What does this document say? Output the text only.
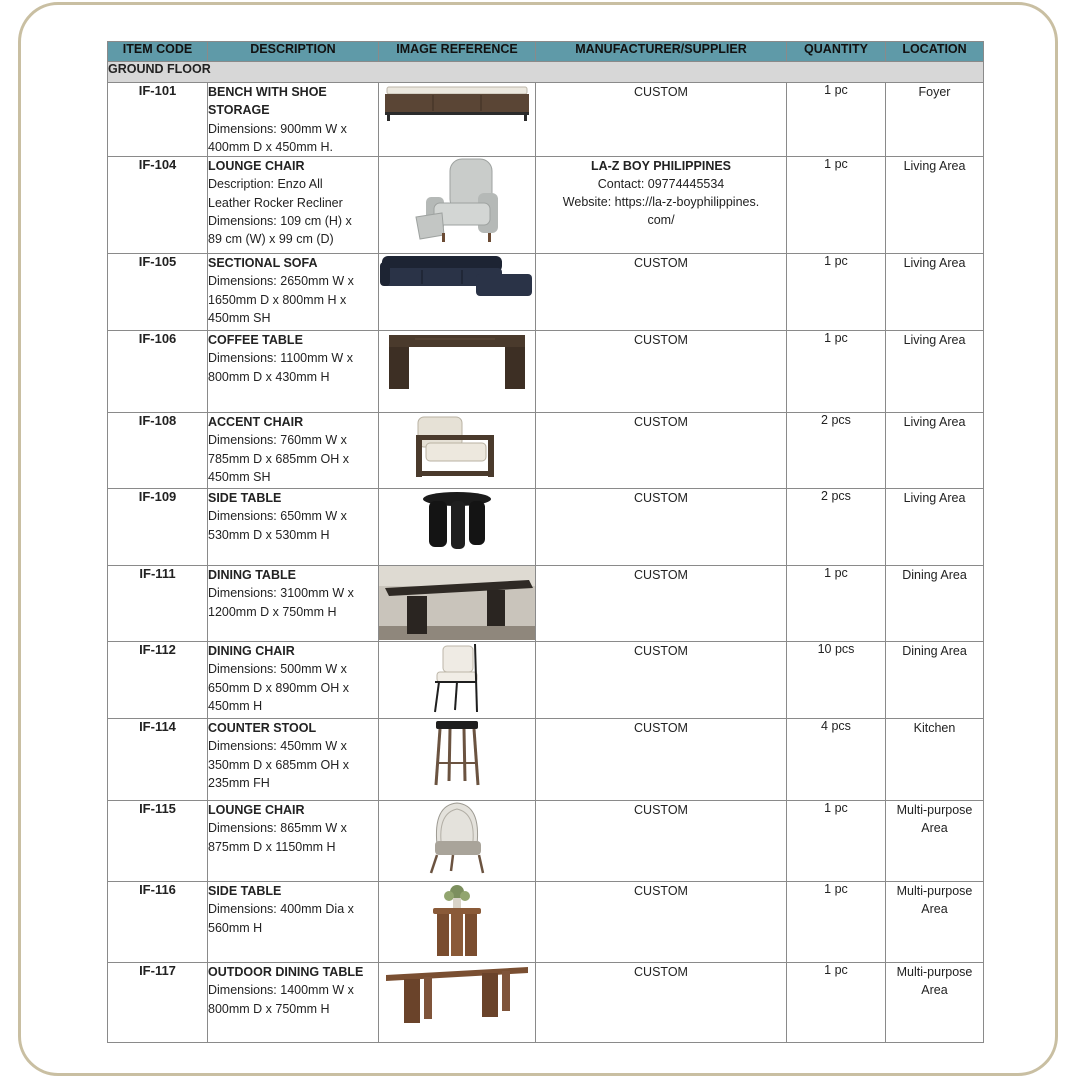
ITEM CODE	DESCRIPTION	IMAGE REFERENCE	MANUFACTURER/SUPPLIER	QUANTITY	LOCATION
GROUND FLOOR					
IF-101	BENCH WITH SHOE STORAGE
Dimensions: 900mm W x
400mm D x 450mm H.		CUSTOM	1 pc	Foyer
IF-104	LOUNGE CHAIR
Description: Enzo All
Leather Rocker Recliner
Dimensions: 109 cm (H) x
89 cm (W) x 99 cm (D)		LA-Z BOY PHILIPPINES
Contact: 09774445534
Website: https://la-z-boyphilippines.
com/	1 pc	Living Area
IF-105	SECTIONAL SOFA
Dimensions: 2650mm W x
1650mm D x 800mm H x
450mm SH		CUSTOM	1 pc	Living Area
IF-106	COFFEE TABLE
Dimensions: 1100mm W x
800mm D x 430mm H		CUSTOM	1 pc	Living Area
IF-108	ACCENT CHAIR
Dimensions: 760mm W x
785mm D x 685mm OH x
450mm SH		CUSTOM	2 pcs	Living Area
IF-109	SIDE TABLE
Dimensions: 650mm W x
530mm D x 530mm H		CUSTOM	2 pcs	Living Area
IF-111	DINING TABLE
Dimensions: 3100mm W x
1200mm D x 750mm H		CUSTOM	1 pc	Dining Area
IF-112	DINING CHAIR
Dimensions: 500mm W x
650mm D x 890mm OH x
450mm H		CUSTOM	10 pcs	Dining Area
IF-114	COUNTER STOOL
Dimensions: 450mm W x
350mm D x 685mm OH x
235mm FH		CUSTOM	4 pcs	Kitchen
IF-115	LOUNGE CHAIR
Dimensions: 865mm W x
875mm D x 1150mm H		CUSTOM	1 pc	Multi-purpose Area
IF-116	SIDE TABLE
Dimensions: 400mm Dia x
560mm H		CUSTOM	1 pc	Multi-purpose Area
IF-117	OUTDOOR DINING TABLE
Dimensions: 1400mm W x
800mm D x 750mm H		CUSTOM	1 pc	Multi-purpose Area
